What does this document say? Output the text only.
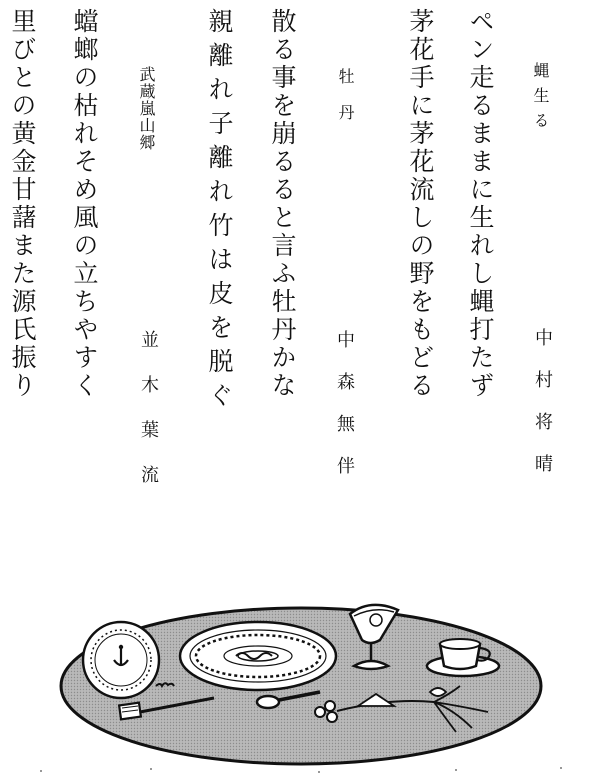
蝿生る
中村将晴
ペン走るままに生れし蝿打たず
茅花手に茅花流しの野をもどる
牡丹
中森無伴
散る事を崩るると言ふ牡丹かな
親離れ子離れ竹は皮を脱ぐ
武蔵嵐山郷
並木葉流
蟷螂の枯れそめ風の立ちやすく
里びとの黄金甘藷また源氏振り
